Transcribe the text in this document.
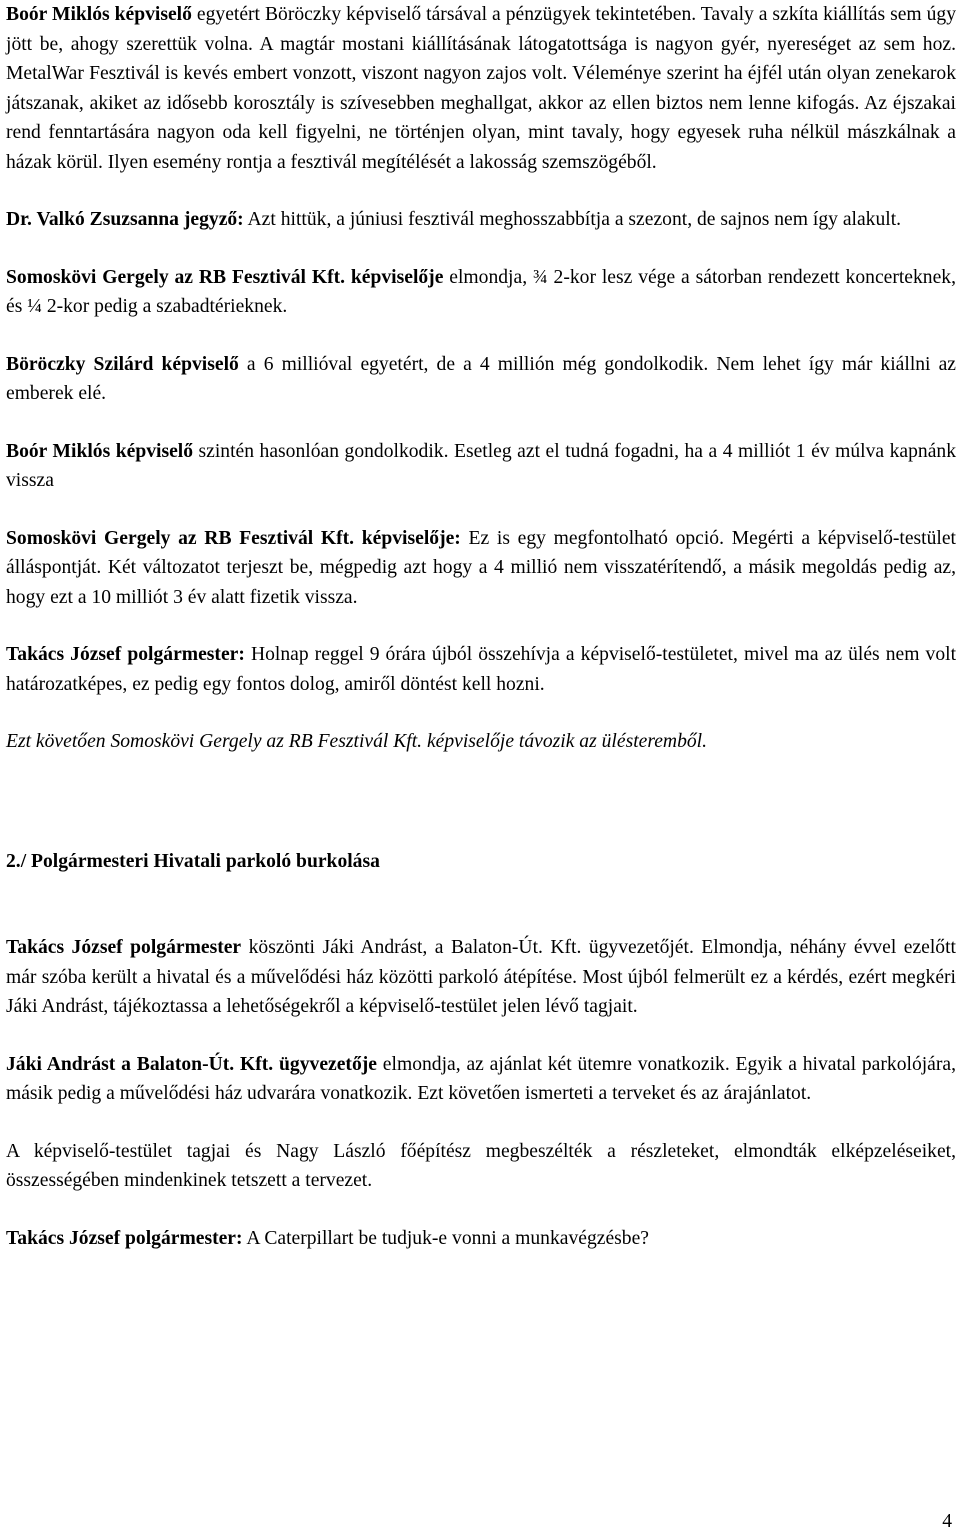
Boór Miklós képviselő egyetért Böröczky képviselő társával a pénzügyek tekintetében. Tavaly a szkíta kiállítás sem úgy jött be, ahogy szerettük volna. A magtár mostani kiállításának látogatottsága is nagyon gyér, nyereséget az sem hoz. MetalWar Fesztivál is kevés embert vonzott, viszont nagyon zajos volt. Véleménye szerint ha éjfél után olyan zenekarok játszanak, akiket az idősebb korosztály is szívesebben meghallgat, akkor az ellen biztos nem lenne kifogás. Az éjszakai rend fenntartására nagyon oda kell figyelni, ne történjen olyan, mint tavaly, hogy egyesek ruha nélkül mászkálnak a házak körül. Ilyen esemény rontja a fesztivál megítélését a lakosság szemszögéből.

Dr. Valkó Zsuzsanna jegyző: Azt hittük, a júniusi fesztivál meghosszabbítja a szezont, de sajnos nem így alakult.

Somoskövi Gergely az RB Fesztivál Kft. képviselője elmondja, ¾ 2-kor lesz vége a sátorban rendezett koncerteknek, és ¼ 2-kor pedig a szabadtérieknek.

Böröczky Szilárd képviselő a 6 millióval egyetért, de a 4 millión még gondolkodik. Nem lehet így már kiállni az emberek elé.

Boór Miklós képviselő szintén hasonlóan gondolkodik. Esetleg azt el tudná fogadni, ha a 4 milliót 1 év múlva kapnánk vissza

Somoskövi Gergely az RB Fesztivál Kft. képviselője: Ez is egy megfontolható opció. Megérti a képviselő-testület álláspontját. Két változatot terjeszt be, mégpedig azt hogy a 4 millió nem visszatérítendő, a másik megoldás pedig az, hogy ezt a 10 milliót 3 év alatt fizetik vissza.

Takács József polgármester: Holnap reggel 9 órára újból összehívja a képviselő-testületet, mivel ma az ülés nem volt határozatképes, ez pedig egy fontos dolog, amiről döntést kell hozni.

Ezt követően Somoskövi Gergely az RB Fesztivál Kft. képviselője távozik az ülésteremből.

2./ Polgármesteri Hivatali parkoló burkolása

Takács József polgármester köszönti Jáki Andrást, a Balaton-Út. Kft. ügyvezetőjét. Elmondja, néhány évvel ezelőtt már szóba került a hivatal és a művelődési ház közötti parkoló átépítése. Most újból felmerült ez a kérdés, ezért megkéri Jáki Andrást, tájékoztassa a lehetőségekről a képviselő-testület jelen lévő tagjait.

Jáki Andrást a Balaton-Út. Kft. ügyvezetője elmondja, az ajánlat két ütemre vonatkozik. Egyik a hivatal parkolójára, másik pedig a művelődési ház udvarára vonatkozik. Ezt követően ismerteti a terveket és az árajánlatot.

A képviselő-testület tagjai és Nagy László főépítész megbeszélték a részleteket, elmondták elképzeléseiket, összességében mindenkinek tetszett a tervezet.

Takács József polgármester: A Caterpillart be tudjuk-e vonni a munkavégzésbe?

4
